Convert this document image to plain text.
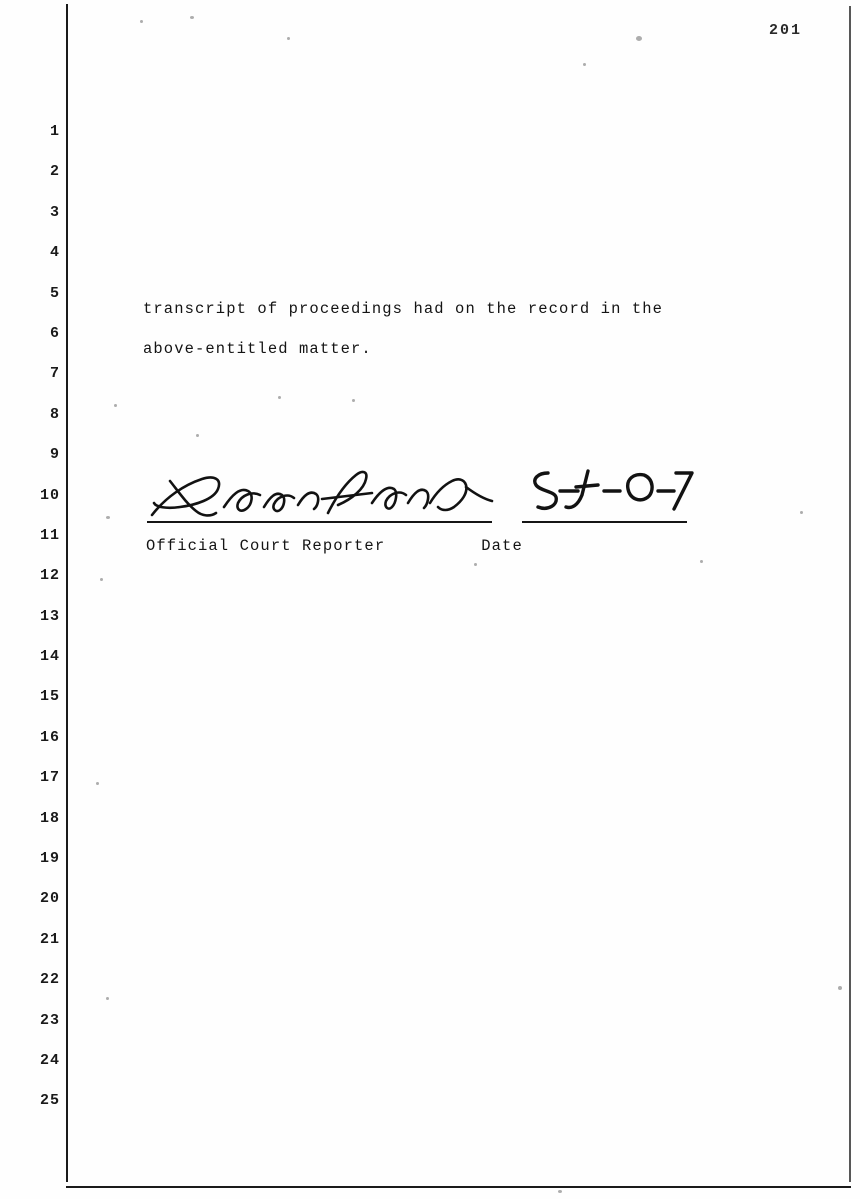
201
1
2
3
4
5
6
7
8
9
10
11
12
13
14
15
16
17
18
19
20
21
22
23
24
25
transcript of proceedings had on the record in the
above-entitled matter.
Official Court Reporter	Date
